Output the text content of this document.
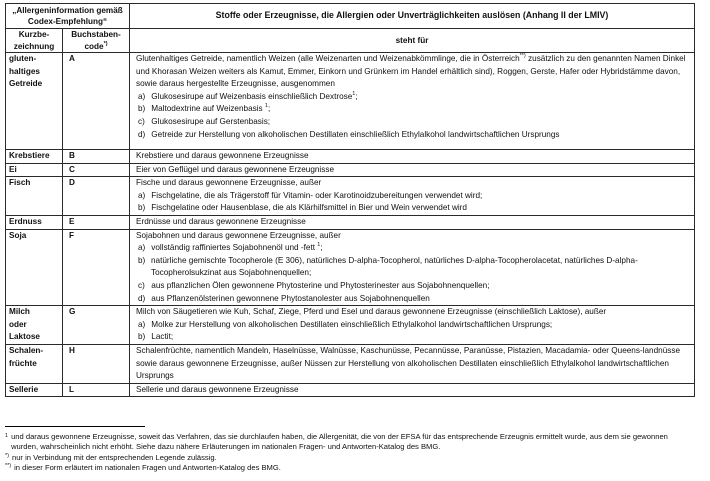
„Allergeninformation gemäß Codex-Empfehlung“		Stoffe oder Erzeugnisse, die Allergien oder Unverträglichkeiten auslösen (Anhang II der LMIV)
Kurzbe-
zeichnung	Buchstaben-
code*)	steht für
gluten-
haltiges
Getreide	A	Glutenhaltiges Getreide, namentlich Weizen (alle Weizenarten und Weizenabkömmlinge, die in Österreich**) zusätzlich zu den genannten Namen Dinkel und Khorasan Weizen weiters als Kamut, Emmer, Einkorn und Grünkern im Handel erhältlich sind), Roggen, Gerste, Hafer oder Hybridstämme davon, sowie daraus hergestellte Erzeugnisse, ausgenommen
a) Glukosesirupe auf Weizenbasis einschließlich Dextrose$^1$;
b) Maltodextrine auf Weizenbasis $^1$;
c) Glukosesirupe auf Gerstenbasis;
d) Getreide zur Herstellung von alkoholischen Destillaten einschließlich Ethylalkohol landwirtschaftlichen Ursprungs

Krebstiere	B	Krebstiere und daraus gewonnene Erzeugnisse
Ei	C	Eier von Geflügel und daraus gewonnene Erzeugnisse
Fisch	D	Fische und daraus gewonnene Erzeugnisse, außer
a) Fischgelatine, die als Trägerstoff für Vitamin- oder Karotinoidzubereitungen verwendet wird;
b) Fischgelatine oder Hausenblase, die als Klärhilfsmittel in Bier und Wein verwendet wird

Erdnuss	E	Erdnüsse und daraus gewonnene Erzeugnisse
Soja	F	Sojabohnen und daraus gewonnene Erzeugnisse, außer
a) vollständig raffiniertes Sojabohnenöl und -fett $^1$;
b) natürliche gemischte Tocopherole (E 306), natürliches D-alpha-Tocopherol, natürliches D-alpha-Tocopherolacetat, natürliches D-alpha-Tocopherolsukzinat aus Sojabohnenquellen;
c) aus pflanzlichen Ölen gewonnene Phytosterine und Phytosterinester aus Sojabohnenquellen;
d) aus Pflanzenölsterinen gewonnene Phytostanolester aus Sojabohnenquellen

Milch
oder
Laktose	G	Milch von Säugetieren wie Kuh, Schaf, Ziege, Pferd und Esel und daraus gewonnene Erzeugnisse (einschließlich Laktose), außer
a) Molke zur Herstellung von alkoholischen Destillaten einschließlich Ethylalkohol landwirtschaftlichen Ursprungs;
b) Lactit;

Schalen-
früchte	H	Schalenfrüchte, namentlich Mandeln, Haselnüsse, Walnüsse, Kaschunüsse, Pecannüsse, Paranüsse, Pistazien, Macadamia- oder Queens-landnüsse sowie daraus gewonnene Erzeugnisse, außer Nüssen zur Herstellung von alkoholischen Destillaten einschließlich Ethylalkohol landwirtschaftlichen Ursprungs
Sellerie	L	Sellerie und daraus gewonnene Erzeugnisse
1 und daraus gewonnene Erzeugnisse, soweit das Verfahren, das sie durchlaufen haben, die Allergenität, die von der EFSA für das entsprechende Erzeugnis ermittelt wurde, aus dem sie gewonnen wurden, wahrscheinlich nicht erhöht. Siehe dazu nähere Erläuterungen im nationalen Fragen- und Antworten-Katalog des BMG.
*) nur in Verbindung mit der entsprechenden Legende zulässig.
**) in dieser Form erläutert im nationalen Fragen und Antworten-Katalog des BMG.
